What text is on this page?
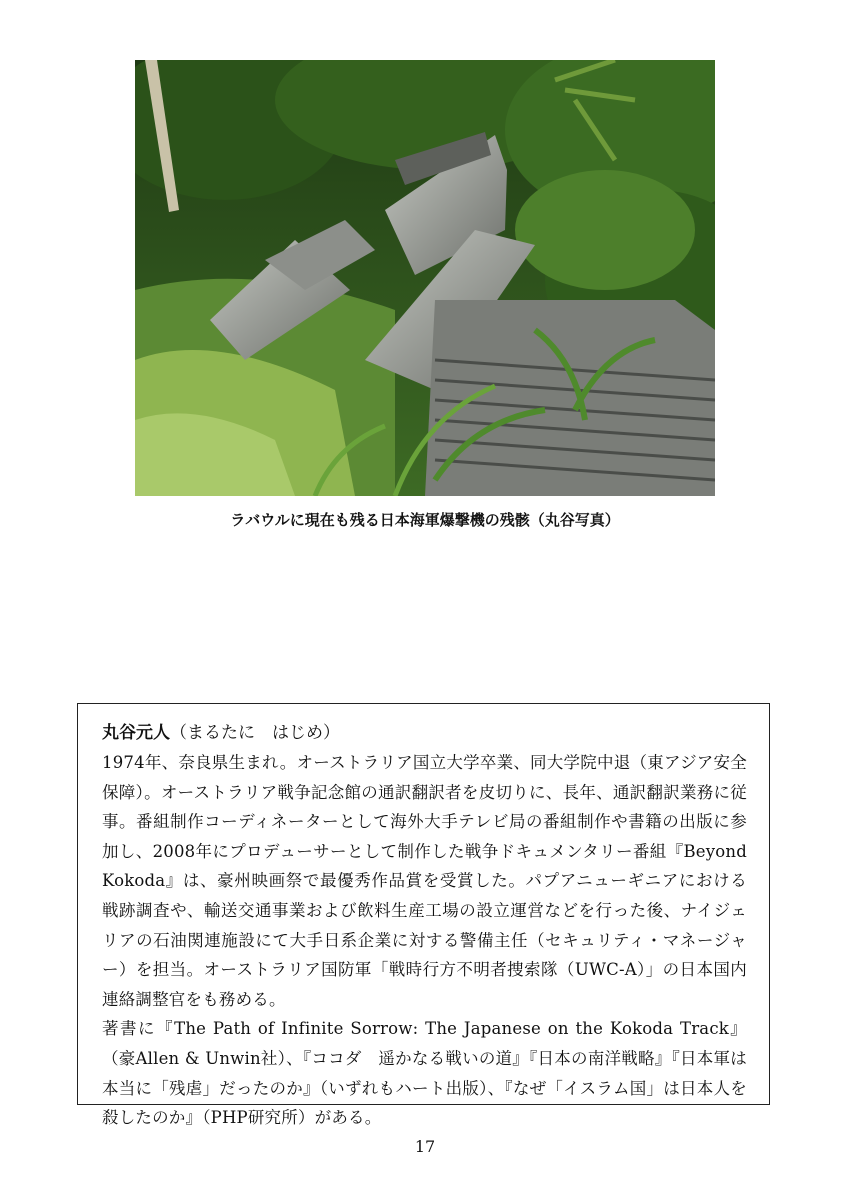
ラバウルに現在も残る日本海軍爆撃機の残骸（丸谷写真）

丸谷元人（まるたに　はじめ）

1974年、奈良県生まれ。オーストラリア国立大学卒業、同大学院中退（東アジア安全保障）。オーストラリア戦争記念館の通訳翻訳者を皮切りに、長年、通訳翻訳業務に従事。番組制作コーディネーターとして海外大手テレビ局の番組制作や書籍の出版に参加し、2008年にプロデューサーとして制作した戦争ドキュメンタリー番組『Beyond Kokoda』は、豪州映画祭で最優秀作品賞を受賞した。パプアニューギニアにおける戦跡調査や、輸送交通事業および飲料生産工場の設立運営などを行った後、ナイジェリアの石油関連施設にて大手日系企業に対する警備主任（セキュリティ・マネージャー）を担当。オーストラリア国防軍「戦時行方不明者捜索隊（UWC-A）」の日本国内連絡調整官をも務める。

著書に『The Path of Infinite Sorrow: The Japanese on the Kokoda Track』（豪Allen & Unwin社）、『ココダ　遥かなる戦いの道』『日本の南洋戦略』『日本軍は本当に「残虐」だったのか』（いずれもハート出版）、『なぜ「イスラム国」は日本人を殺したのか』（PHP研究所）がある。

17
